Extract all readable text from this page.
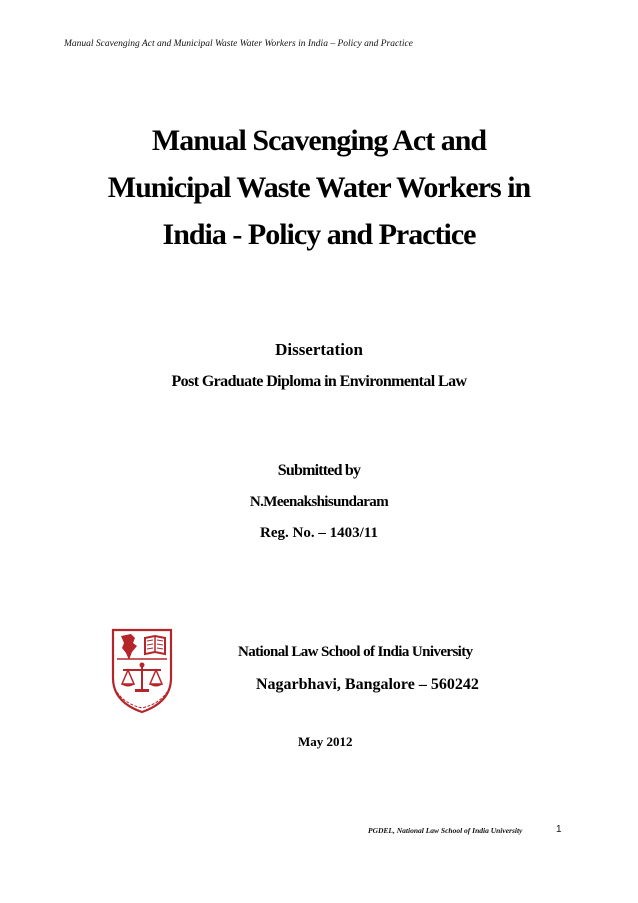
Manual Scavenging Act and Municipal Waste Water Workers in India – Policy and Practice
Manual Scavenging Act and
Municipal Waste Water Workers in
India - Policy and Practice
Dissertation
Post Graduate Diploma in Environmental Law
Submitted by
N.Meenakshisundaram
Reg. No. – 1403/11
National Law School of India University
Nagarbhavi, Bangalore – 560242
May 2012
PGDEL, National Law School of India University	1
